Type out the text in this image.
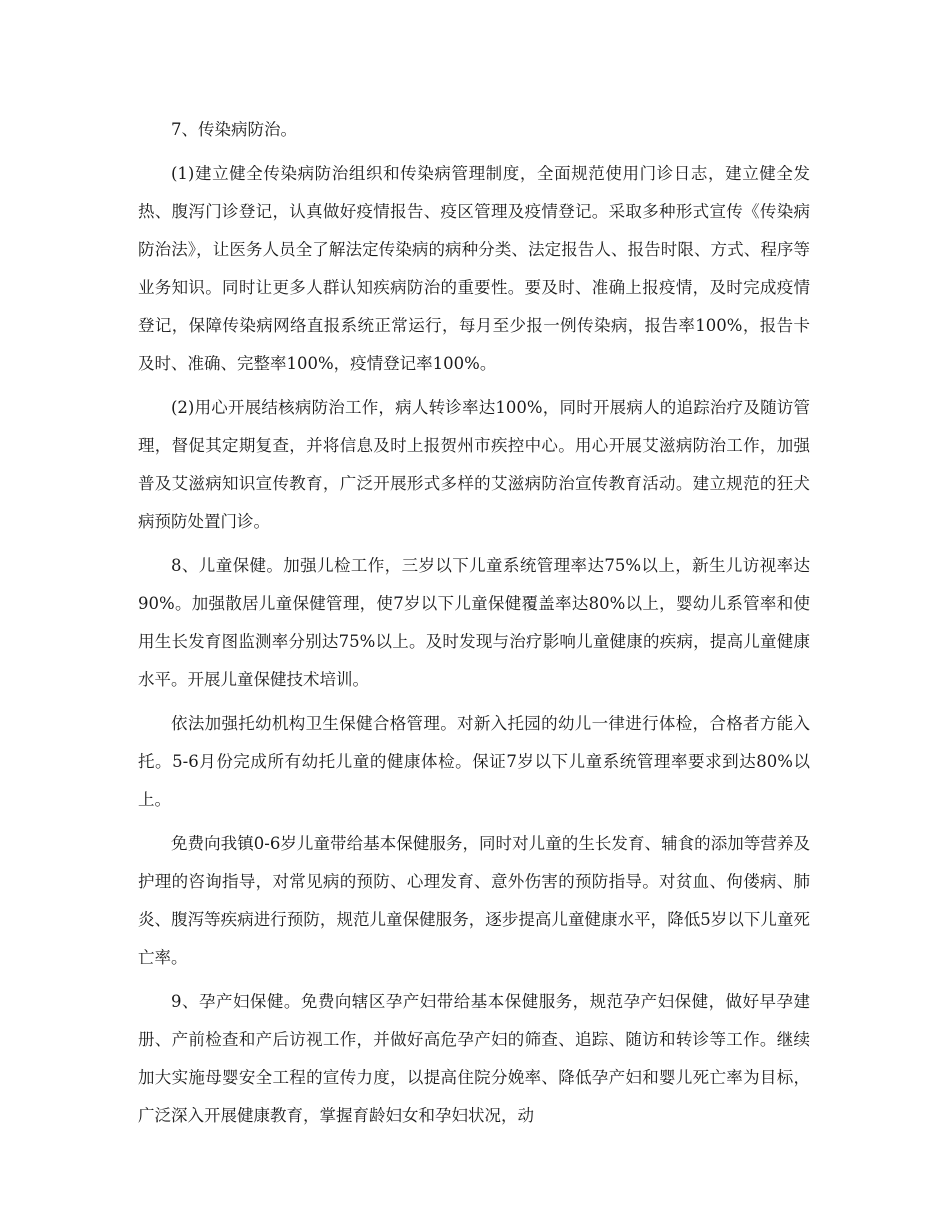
7、传染病防治。

(1)建立健全传染病防治组织和传染病管理制度，全面规范使用门诊日志，建立健全发热、腹泻门诊登记，认真做好疫情报告、疫区管理及疫情登记。采取多种形式宣传《传染病防治法》，让医务人员全了解法定传染病的病种分类、法定报告人、报告时限、方式、程序等业务知识。同时让更多人群认知疾病防治的重要性。要及时、准确上报疫情，及时完成疫情登记，保障传染病网络直报系统正常运行，每月至少报一例传染病，报告率100%，报告卡及时、准确、完整率100%，疫情登记率100%。

(2)用心开展结核病防治工作，病人转诊率达100%，同时开展病人的追踪治疗及随访管理，督促其定期复查，并将信息及时上报贺州市疾控中心。用心开展艾滋病防治工作，加强普及艾滋病知识宣传教育，广泛开展形式多样的艾滋病防治宣传教育活动。建立规范的狂犬病预防处置门诊。

8、儿童保健。加强儿检工作，三岁以下儿童系统管理率达75%以上，新生儿访视率达90%。加强散居儿童保健管理，使7岁以下儿童保健覆盖率达80%以上，婴幼儿系管率和使用生长发育图监测率分别达75%以上。及时发现与治疗影响儿童健康的疾病，提高儿童健康水平。开展儿童保健技术培训。

依法加强托幼机构卫生保健合格管理。对新入托园的幼儿一律进行体检，合格者方能入托。5-6月份完成所有幼托儿童的健康体检。保证7岁以下儿童系统管理率要求到达80%以上。

免费向我镇0-6岁儿童带给基本保健服务，同时对儿童的生长发育、辅食的添加等营养及护理的咨询指导，对常见病的预防、心理发育、意外伤害的预防指导。对贫血、佝偻病、肺炎、腹泻等疾病进行预防，规范儿童保健服务，逐步提高儿童健康水平，降低5岁以下儿童死亡率。

9、孕产妇保健。免费向辖区孕产妇带给基本保健服务，规范孕产妇保健，做好早孕建册、产前检查和产后访视工作，并做好高危孕产妇的筛查、追踪、随访和转诊等工作。继续加大实施母婴安全工程的宣传力度，以提高住院分娩率、降低孕产妇和婴儿死亡率为目标，广泛深入开展健康教育，掌握育龄妇女和孕妇状况，动
